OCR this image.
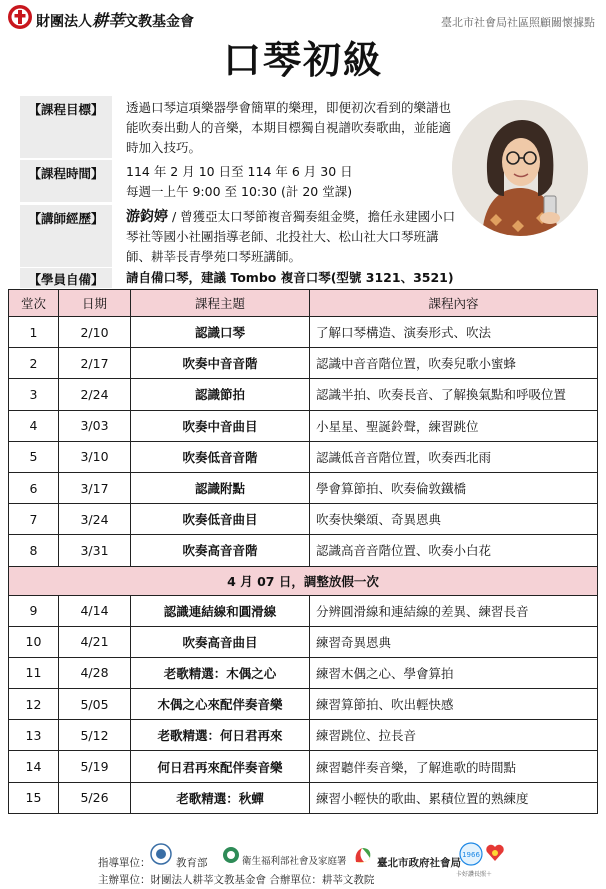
財團法人耕莘文教基金會	臺北市社會局社區照顧關懷據點
口琴初級
【課程目標】	透過口琴這項樂器學會簡單的樂理，即便初次看到的樂譜也能吹奏出動人的音樂，本期目標獨自視譜吹奏歌曲，並能適時加入技巧。
【課程時間】	114 年 2 月 10 日至 114 年 6 月 30 日
每週一上午 9:00 至 10:30 (計 20 堂課)
【講師經歷】	游鈞婷 / 曾獲亞太口琴節複音獨奏組金獎，擔任永建國小口琴社等國小社團指導老師、北投社大、松山社大口琴班講師、耕莘長青學苑口琴班講師。
【學員自備】	請自備口琴，建議 Tombo 複音口琴(型號 3121、3521)
堂次	日期	課程主題	課程內容
1	2/10	認識口琴	了解口琴構造、演奏形式、吹法
2	2/17	吹奏中音音階	認識中音音階位置，吹奏兒歌小蜜蜂
3	2/24	認識節拍	認識半拍、吹奏長音、了解換氣點和呼吸位置
4	3/03	吹奏中音曲目	小星星、聖誕鈴聲，練習跳位
5	3/10	吹奏低音音階	認識低音音階位置，吹奏西北雨
6	3/17	認識附點	學會算節拍、吹奏倫敦鐵橋
7	3/24	吹奏低音曲目	吹奏快樂頌、奇異恩典
8	3/31	吹奏高音音階	認識高音音階位置、吹奏小白花
4 月 07 日，調整放假一次			
9	4/14	認識連結線和圓滑線	分辨圓滑線和連結線的差異、練習長音
10	4/21	吹奏高音曲目	練習奇異恩典
11	4/28	老歌精選：木偶之心	練習木偶之心、學會算拍
12	5/05	木偶之心來配伴奏音樂	練習算節拍、吹出輕快感
13	5/12	老歌精選：何日君再來	練習跳位、拉長音
14	5/19	何日君再來配伴奏音樂	練習聽伴奏音樂，了解進歌的時間點
15	5/26	老歌精選：秋蟬	練習小輕快的歌曲、累積位置的熟練度
指導單位： 教育部	衛生福利部社會及家庭署	臺北市政府社會局
1966
卡好讚長照＋
主辦單位：財團法人耕莘文教基金會 合辦單位：耕莘文教院
